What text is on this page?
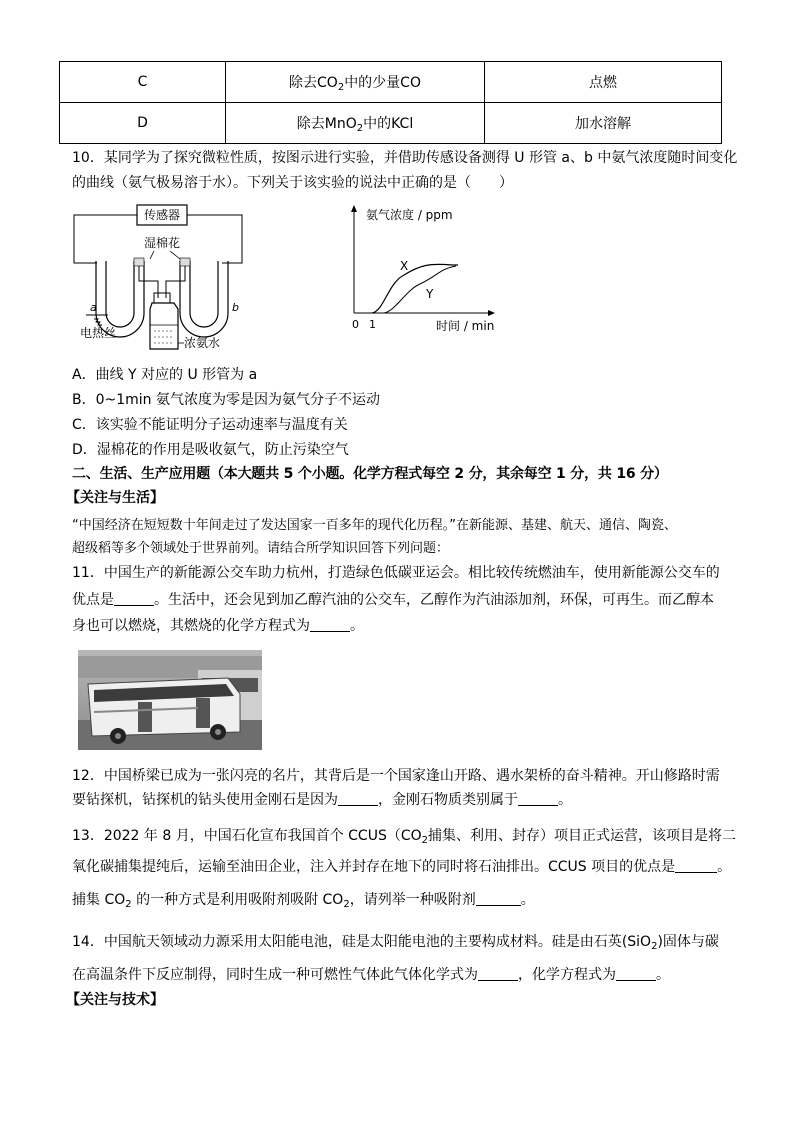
C	除去$CO_2$中的少量CO	点燃
D	除去MnO$_2$中的KCl	加水溶解
10．某同学为了探究微粒性质，按图示进行实验，并借助传感设备测得 U 形管 a、b 中氨气浓度随时间变化
的曲线（氨气极易溶于水）。下列关于该实验的说法中正确的是（　　）
传感器
湿棉花
a	b
电热丝
浓氨水
氨气浓度 / ppm
时间 / min
0 1
X
Y
A．曲线 Y 对应的 U 形管为 a
B．0~1min 氨气浓度为零是因为氨气分子不运动
C．该实验不能证明分子运动速率与温度有关
D．湿棉花的作用是吸收氨气，防止污染空气
二、生活、生产应用题（本大题共 5 个小题。化学方程式每空 2 分，其余每空 1 分，共 16 分）
【关注与生活】
“中国经济在短短数十年间走过了发达国家一百多年的现代化历程。”在新能源、基建、航天、通信、陶瓷、
超级稻等多个领域处于世界前列。请结合所学知识回答下列问题：
11．中国生产的新能源公交车助力杭州，打造绿色低碳亚运会。相比较传统燃油车，使用新能源公交车的
优点是	。生活中，还会见到加乙醇汽油的公交车，乙醇作为汽油添加剂，环保，可再生。而乙醇本
身也可以燃烧，其燃烧的化学方程式为	。
12．中国桥梁已成为一张闪亮的名片，其背后是一个国家逢山开路、遇水架桥的奋斗精神。开山修路时需
要钻探机，钻探机的钻头使用金刚石是因为	，金刚石物质类别属于	。
13．2022 年 8 月，中国石化宣布我国首个 $CCUS(CO_2$捕集、利用、封存）项目正式运营，该项目是将二
氧化碳捕集提纯后，运输至油田企业，注入并封存在地下的同时将石油排出。CCUS 项目的优点是	。
捕集 $CO_2$ 的一种方式是利用吸附剂吸附 $CO_2$，请列举一种吸附剂	。
14．中国航天领域动力源采用太阳能电池，硅是太阳能电池的主要构成材料。硅是由石英(SiO$_2$)固体与碳
在高温条件下反应制得，同时生成一种可燃性气体此气体化学式为	，化学方程式为	。
【关注与技术】
